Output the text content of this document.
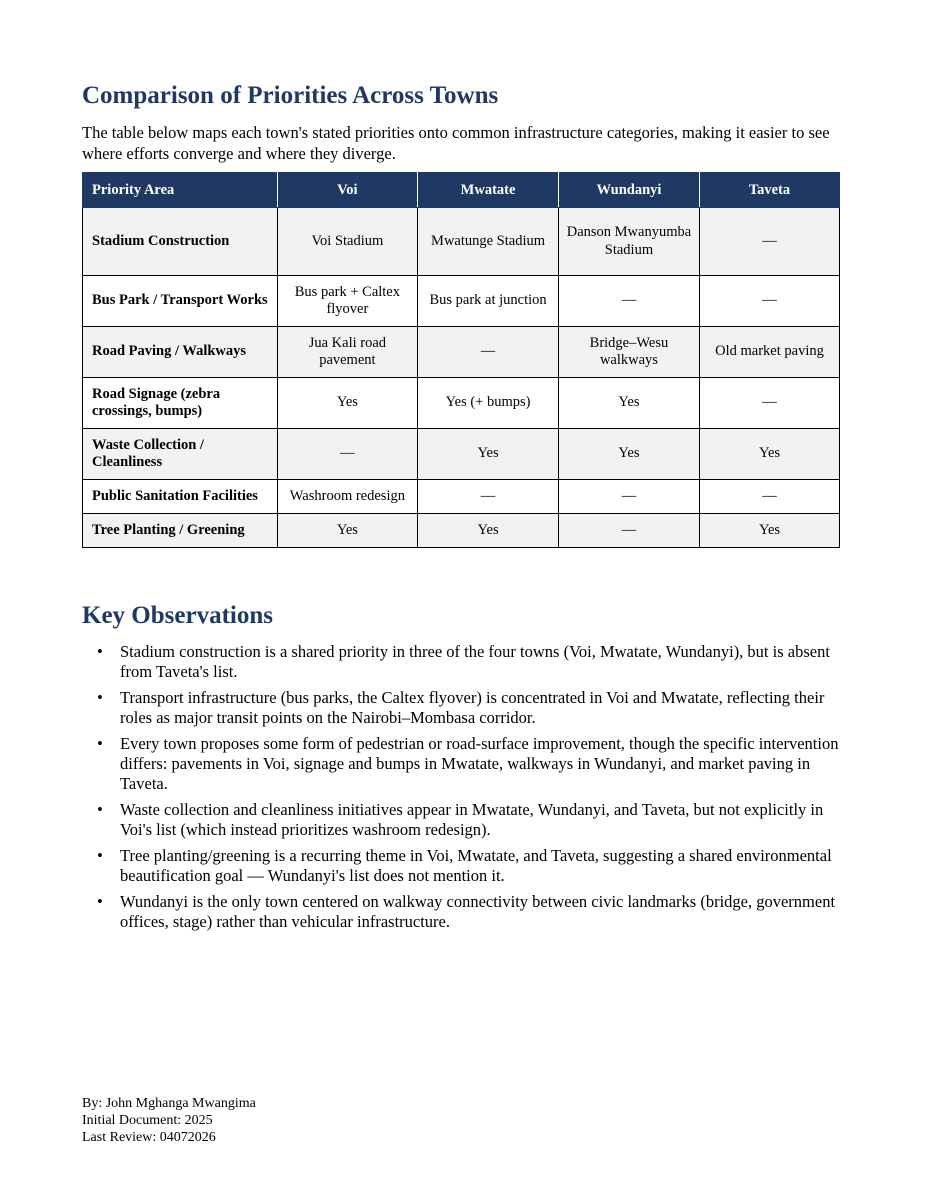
Comparison of Priorities Across Towns

The table below maps each town's stated priorities onto common infrastructure categories, making it easier to see where efforts converge and where they diverge.

Priority Area	Voi	Mwatate	Wundanyi	Taveta
Stadium Construction	Voi Stadium	Mwatunge Stadium	Danson Mwanyumba Stadium	—
Bus Park / Transport Works	Bus park + Caltex flyover	Bus park at junction	—	—
Road Paving / Walkways	Jua Kali road pavement	—	Bridge–Wesu walkways	Old market paving
Road Signage (zebra crossings, bumps)	Yes	Yes (+ bumps)	Yes	—
Waste Collection / Cleanliness	—	Yes	Yes	Yes
Public Sanitation Facilities	Washroom redesign	—	—	—
Tree Planting / Greening	Yes	Yes	—	Yes
Key Observations
• Stadium construction is a shared priority in three of the four towns (Voi, Mwatate, Wundanyi), but is absent from Taveta's list.
• Transport infrastructure (bus parks, the Caltex flyover) is concentrated in Voi and Mwatate, reflecting their roles as major transit points on the Nairobi–Mombasa corridor.
• Every town proposes some form of pedestrian or road-surface improvement, though the specific intervention differs: pavements in Voi, signage and bumps in Mwatate, walkways in Wundanyi, and market paving in Taveta.
• Waste collection and cleanliness initiatives appear in Mwatate, Wundanyi, and Taveta, but not explicitly in Voi's list (which instead prioritizes washroom redesign).
• Tree planting/greening is a recurring theme in Voi, Mwatate, and Taveta, suggesting a shared environmental beautification goal — Wundanyi's list does not mention it.
• Wundanyi is the only town centered on walkway connectivity between civic landmarks (bridge, government offices, stage) rather than vehicular infrastructure.
By: John Mghanga Mwangima
Initial Document: 2025
Last Review: 04072026
